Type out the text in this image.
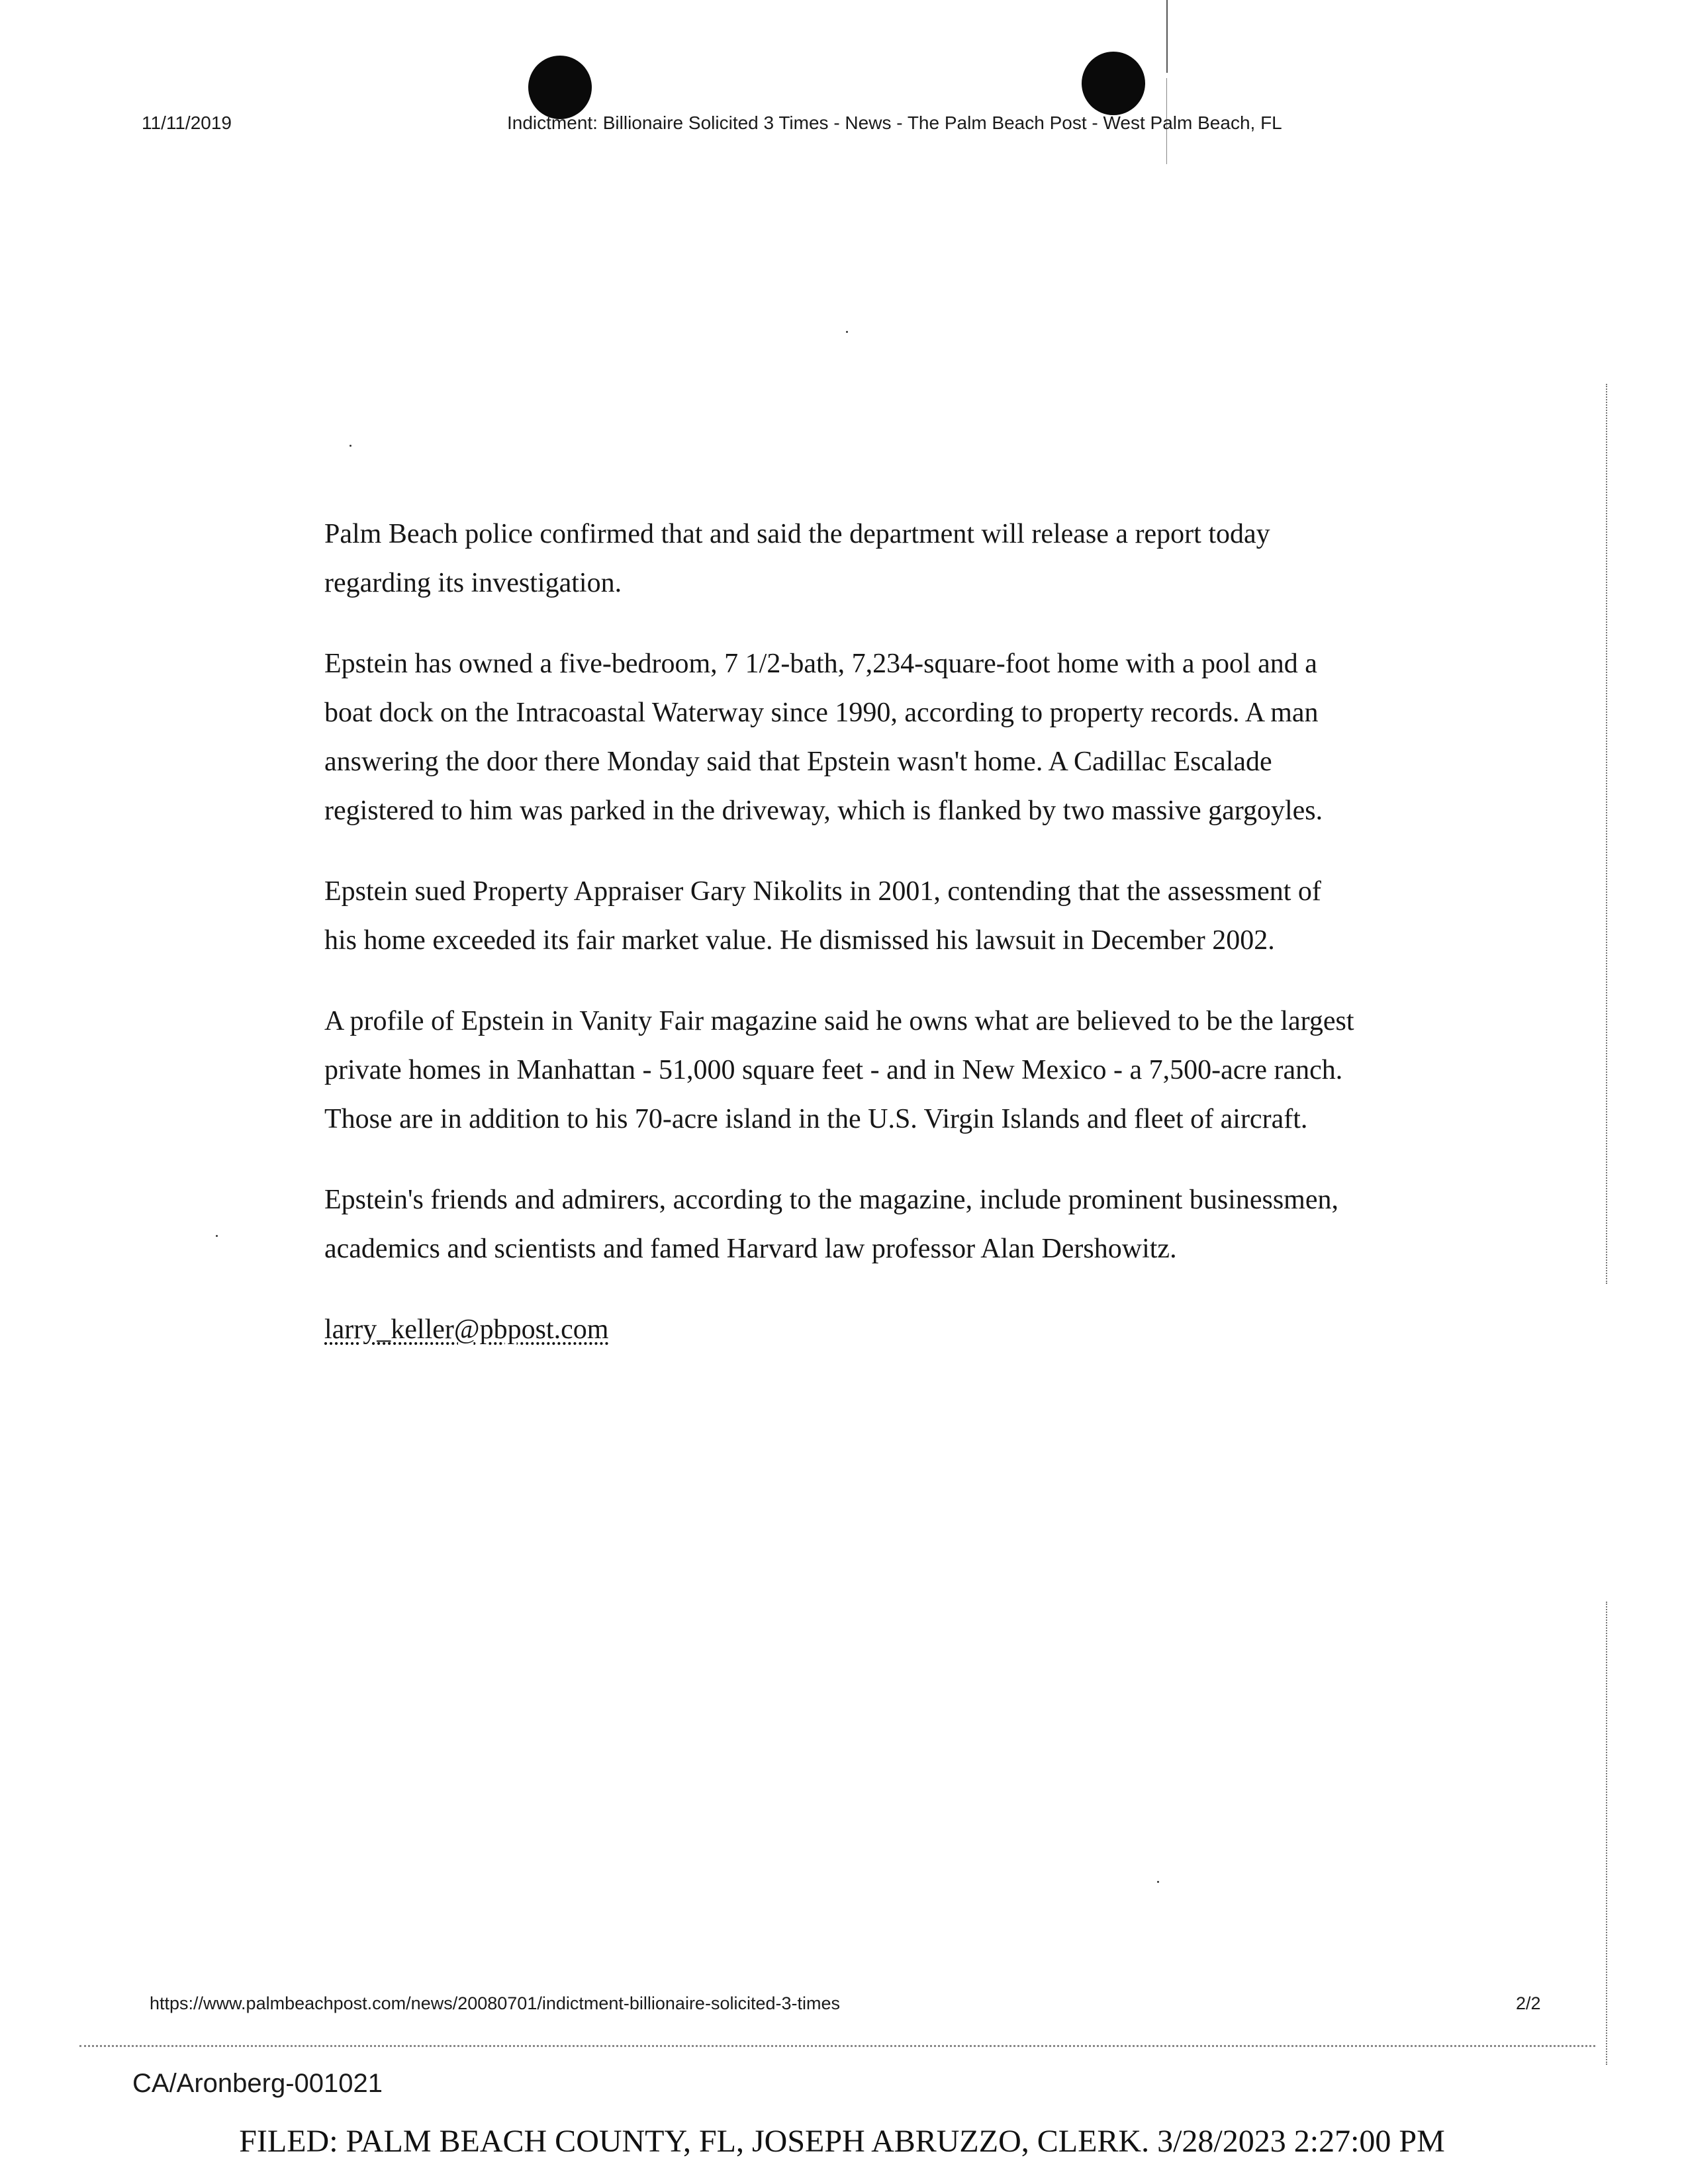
11/11/2019	Indictment: Billionaire Solicited 3 Times - News - The Palm Beach Post - West Palm Beach, FL

Palm Beach police confirmed that and said the department will release a report today regarding its investigation.

Epstein has owned a five-bedroom, 7 1/2-bath, 7,234-square-foot home with a pool and a boat dock on the Intracoastal Waterway since 1990, according to property records. A man answering the door there Monday said that Epstein wasn't home. A Cadillac Escalade registered to him was parked in the driveway, which is flanked by two massive gargoyles.

Epstein sued Property Appraiser Gary Nikolits in 2001, contending that the assessment of his home exceeded its fair market value. He dismissed his lawsuit in December 2002.

A profile of Epstein in Vanity Fair magazine said he owns what are believed to be the largest private homes in Manhattan - 51,000 square feet - and in New Mexico - a 7,500-acre ranch. Those are in addition to his 70-acre island in the U.S. Virgin Islands and fleet of aircraft.

Epstein's friends and admirers, according to the magazine, include prominent businessmen, academics and scientists and famed Harvard law professor Alan Dershowitz.

larry_keller@pbpost.com

https://www.palmbeachpost.com/news/20080701/indictment-billionaire-solicited-3-times	2/2
CA/Aronberg-001021
FILED: PALM BEACH COUNTY, FL, JOSEPH ABRUZZO, CLERK. 3/28/2023 2:27:00 PM
